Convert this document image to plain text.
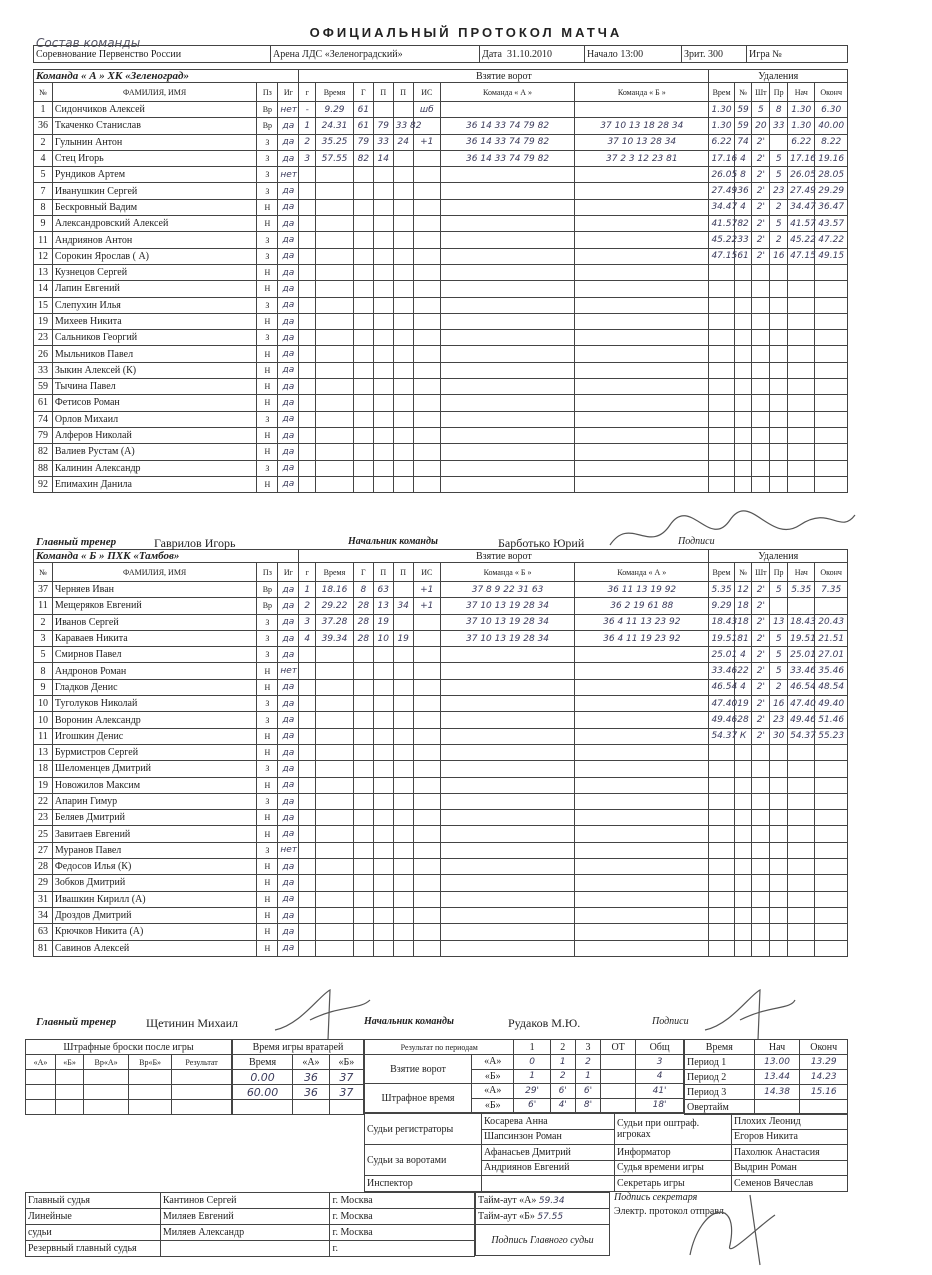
ОФИЦИАЛЬНЫЙ ПРОТОКОЛ МАТЧА
Состав команды
Соревнование Первенство России	Арена ЛДС «Зеленоградский»	Дата 31.10.2010	Начало 13:00	Зрит. 300	Игра №
Команда « А » ХК «Зеленоград»				Взятие ворот								Удаления					
№	ФАМИЛИЯ, ИМЯ	Пз	Иг	г	Время	Г	П	П	ИС	Команда « А »	Команда « Б »	Врем	№	Шт	Пр	Нач	Оконч
1	Сидончиков Алексей	Вр	нет	-	9.29	61			шб			1.30	59	5	8	1.30	6.30
36	Ткаченко Станислав	Вр	да	1	24.31	61	79	33 82		36 14 33 74 79 82	37 10 13 18 28 34	1.30	59	20	33	1.30	40.00
2	Гулынин Антон	З	да	2	35.25	79	33	24	+1	36 14 33 74 79 82	37 10 13 28 34	6.22	74	2'		6.22	8.22
4	Стец Игорь	З	да	3	57.55	82	14			36 14 33 74 79 82	37 2 3 12 23 81	17.16	4	2'	5	17.16	19.16
5	Рундиков Артем	З	нет									26.05	8	2'	5	26.05	28.05
7	Иванушкин Сергей	З	да									27.49	36	2'	23	27.49	29.29
8	Бескровный Вадим	Н	да									34.47	4	2'	2	34.47	36.47
9	Александровский Алексей	Н	да									41.57	82	2'	5	41.57	43.57
11	Андриянов Антон	З	да									45.22	33	2'	2	45.22	47.22
12	Сорокин Ярослав ( А)	З	да									47.15	61	2'	16	47.15	49.15
13	Кузнецов Сергей	Н	да														
14	Лапин Евгений	Н	да														
15	Слепухин Илья	З	да														
19	Михеев Никита	Н	да														
23	Сальников Георгий	З	да														
26	Мыльников Павел	Н	да														
33	Зыкин Алексей (К)	Н	да														
59	Тычина Павел	Н	да														
61	Фетисов Роман	Н	да														
74	Орлов Михаил	З	да														
79	Алферов Николай	Н	да														
82	Валиев Рустам (А)	Н	да														
88	Калинин Александр	З	да														
92	Епимахин Данила	Н	да														
Команда « Б » ПХК «Тамбов»				Взятие ворот								Удаления					
№	ФАМИЛИЯ, ИМЯ	Пз	Иг	г	Время	Г	П	П	ИС	Команда « Б »	Команда « А »	Врем	№	Шт	Пр	Нач	Оконч
37	Черняев Иван	Вр	да	1	18.16	8	63		+1	37 8 9 22 31 63	36 11 13 19 92	5.35	12	2'	5	5.35	7.35
11	Мещеряков Евгений	Вр	да	2	29.22	28	13	34	+1	37 10 13 19 28 34	36 2 19 61 88	9.29	18	2'			
2	Иванов Сергей	З	да	3	37.28	28	19			37 10 13 19 28 34	36 4 11 13 23 92	18.43	18	2'	13	18.43	20.43
3	Караваев Никита	З	да	4	39.34	28	10	19		37 10 13 19 28 34	36 4 11 19 23 92	19.51	81	2'	5	19.51	21.51
5	Смирнов Павел	З	да									25.01	4	2'	5	25.01	27.01
8	Андронов Роман	Н	нет									33.46	22	2'	5	33.46	35.46
9	Гладков Денис	Н	да									46.54	4	2'	2	46.54	48.54
10	Туголуков Николай	З	да									47.40	19	2'	16	47.40	49.40
10	Воронин Александр	З	да									49.46	28	2'	23	49.46	51.46
11	Игошкин Денис	Н	да									54.37	К	2'	30	54.37	55.23
13	Бурмистров Сергей	Н	да														
18	Шеломенцев Дмитрий	З	да														
19	Новожилов Максим	Н	да														
22	Апарин Гимур	З	да														
23	Беляев Дмитрий	Н	да														
25	Завитаев Евгений	Н	да														
27	Муранов Павел	З	нет														
28	Федосов Илья (К)	Н	да														
29	Зобков Дмитрий	Н	да														
31	Ивашкин Кирилл (А)	Н	да														
34	Дроздов Дмитрий	Н	да														
63	Крючков Никита (А)	Н	да														
81	Савинов Алексей	Н	да														
Главный тренер	Гаврилов Игорь	Начальник команды	Барботько Юрий	Подписи
Главный тренер Щетинин Михаил	Начальник команды	Рудаков М.Ю.	Подписи
Штрафные броски после игры				
«А»	«Б»	Вр«А»	Вр«Б»	Результат

Время игры вратарей		
Время	«А»	«Б»
0.00	36	37
60.00	36	37

Результат по периодам		1	2	3	ОТ	Общ
Взятие ворот	«А»	0	1	2		3
	«Б»	1	2	1		4
Штрафное время	«А»	29'	6'	6'		41'
	«Б»	6'	4'	8'		18'
Время	Нач	Оконч
Период 1	13.00	13.29
Период 2	13.44	14.23
Период 3	14.38	15.16
Овертайм		
Судьи регистраторы	Косарева Анна	Судьи при оштраф. игроках	Плохих Леонид
	Шапсинзон Роман		Егоров Никита
Судьи за воротами	Афанасьев Дмитрий	Информатор	Пахолюк Анастасия
	Андриянов Евгений	Судья времени игры	Выдрин Роман
Инспектор		Секретарь игры	Семенов Вячеслав
Главный судья	Кантинов Сергей	г. Москва
Линейные	Миляев Евгений	г. Москва
судьи	Миляев Александр	г. Москва
Резервный главный судья		г.
Тайм-аут «А» 59.34
Тайм-аут «Б» 57.55
Подпись Главного судьи
Подпись секретаря
Электр. протокол отправл.
